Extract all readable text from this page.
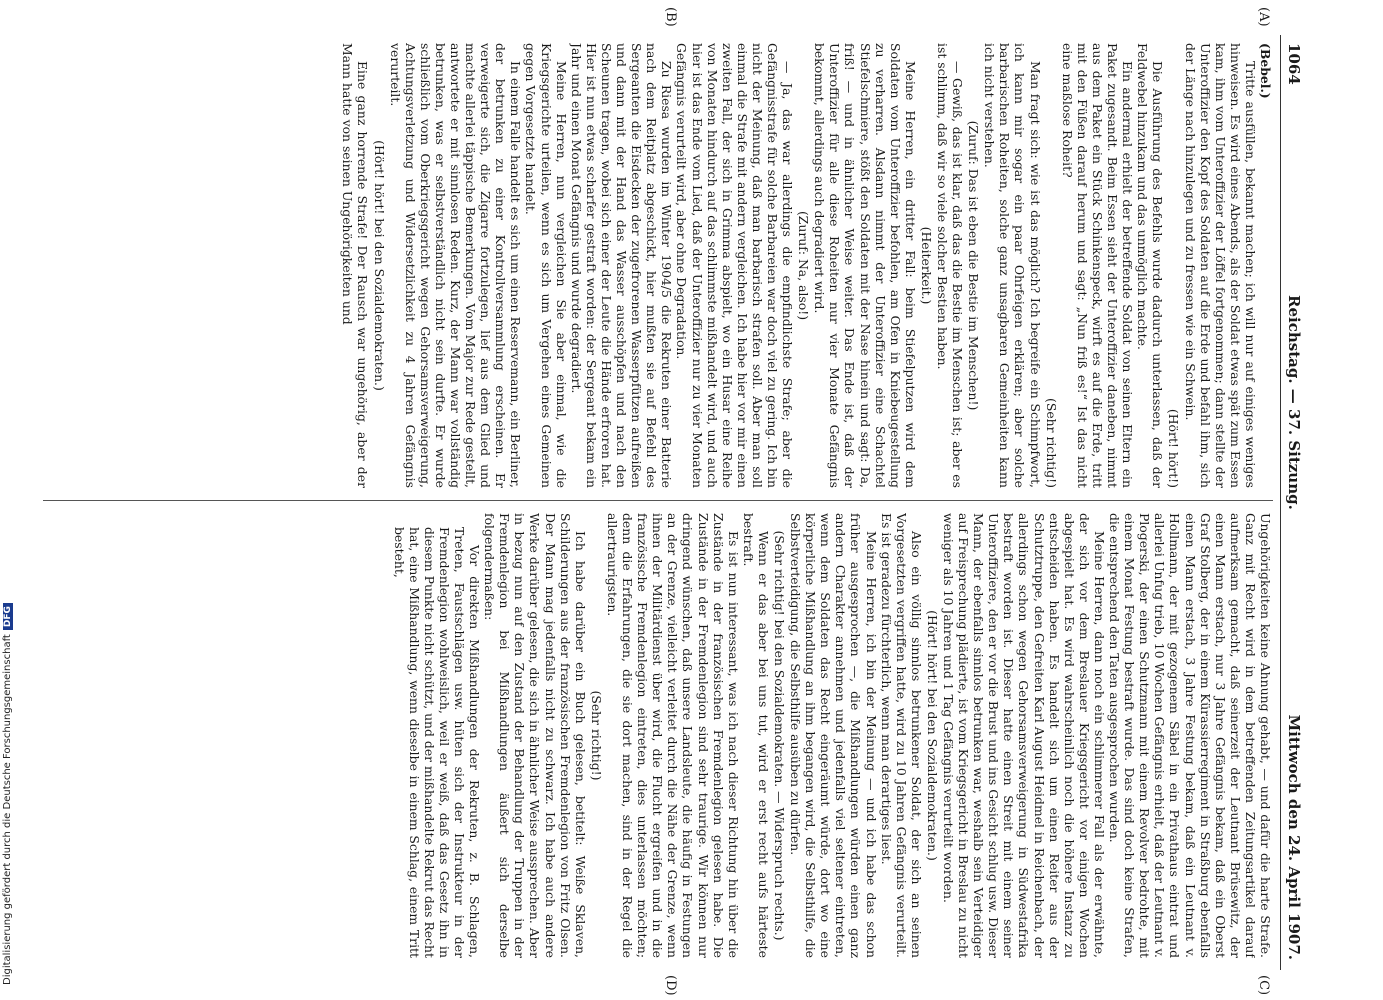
1064
Reichstag. — 37. Sitzung.
Mittwoch den 24. April 1907.
(A)
(B)
(C)
(D)

(Bebel.)

Tritte ausfüllen, bekannt machen; ich will nur auf einiges weniges hinweisen. Es wird eines Abends, als der Soldat etwas spät zum Essen kam, ihm vom Unteroffizier der Löffel fortgenommen; dann stellte der Unteroffizier den Kopf des Soldaten auf die Erde und befahl ihm, sich der Länge nach hinzulegen und zu fressen wie ein Schwein.

(Hört! hört!)

Die Ausführung des Befehls wurde dadurch unterlassen, daß der Feldwebel hinzukam und das unmöglich machte.

Ein andermal erhielt der betreffende Soldat von seinen Eltern ein Paket zugesandt. Beim Essen sieht der Unteroffizier daneben, nimmt aus dem Paket ein Stück Schinkenspeck, wirft es auf die Erde, tritt mit den Füßen darauf herum und sagt: „Nun friß es!“ Ist das nicht eine maßlose Roheit?

(Sehr richtig!)

Man fragt sich: wie ist das möglich? Ich begreife ein Schimpfwort, ich kann mir sogar ein paar Ohrfeigen erklären; aber solche barbarischen Roheiten, solche ganz unsagbaren Gemeinheiten kann ich nicht verstehen.

(Zuruf: Das ist eben die Bestie im Menschen!)

— Gewiß, das ist klar, daß das die Bestie im Menschen ist; aber es ist schlimm, daß wir so viele solcher Bestien haben.

(Heiterkeit.)

Meine Herren, ein dritter Fall: beim Stiefelputzen wird dem Soldaten vom Unteroffizier befohlen, am Ofen in Kniebeugestellung zu verharren. Alsdann nimmt der Unteroffizier eine Schachtel Stiefelschmiere, stößt den Soldaten mit der Nase hinein und sagt: Da, friß! — und in ähnlicher Weise weiter. Das Ende ist, daß der Unteroffizier für alle diese Roheiten nur vier Monate Gefängnis bekommt, allerdings auch degradiert wird.

(Zuruf: Na, also!)

— Ja, das war allerdings die empfindlichste Strafe; aber die Gefängnisstrafe für solche Barbareien war doch viel zu gering. Ich bin nicht der Meinung, daß man barbarisch strafen soll. Aber man soll einmal die Strafe mit andern vergleichen. Ich habe hier vor mir einen zweiten Fall, der sich in Grimma abspielt, wo ein Husar eine Reihe von Monaten hindurch auf das schlimmste mißhandelt wird, und auch hier ist das Ende vom Lied, daß der Unteroffizier nur zu vier Monaten Gefängnis verurteilt wird, aber ohne Degradation.

Zu Riesa wurden im Winter 1904/5 die Rekruten einer Batterie nach dem Reitplatz abgeschickt, hier mußten sie auf Befehl des Sergeanten die Eisdecken der zugefrorenen Wasserpfützen aufreißen und dann mit der Hand das Wasser ausschöpfen und nach den Scheunen tragen, wobei sich einer der Leute die Hände erfroren hat. Hier ist nun etwas scharfer gestraft worden: der Sergeant bekam ein Jahr und einen Monat Gefängnis und wurde degradiert.

Meine Herren, nun vergleichen Sie aber einmal, wie die Kriegsgerichte urteilen, wenn es sich um Vergehen eines Gemeinen gegen Vorgesetzte handelt.

In einem Falle handelt es sich um einen Reservemann, ein Berliner, der betrunken zu einer Kontrollversammlung erscheinen. Er verweigerte sich, die Zigarre fortzulegen, lief aus dem Glied und machte allerlei täppische Bemerkungen. Vom Major zur Rede gestellt, antwortete er mit sinnlosen Reden. Kurz, der Mann war vollständig betrunken, was er selbstverständlich nicht sein durfte. Er wurde schließlich vom Oberkriegsgericht wegen Gehorsamsverweigerung, Achtungsverletzung und Widersetzlichkeit zu 4 Jahren Gefängnis verurteilt.

(Hört! hört! bei den Sozialdemokraten.)

Eine ganz horrende Strafe! Der Rausch war ungehörig, aber der Mann hatte von seinen Ungehörigkeiten und

Ungehörigkeiten keine Ahnung gehabt, — und dafür die harte Strafe. Ganz mit Recht wird in dem betreffenden Zeitungsartikel darauf aufmerksam gemacht, daß seinerzeit der Leutnant Brüsewitz, der einen Mann erstach, nur 3 Jahre Gefängnis bekam, daß ein Oberst Graf Stolberg, der in einem Kürassierregiment in Straßburg ebenfalls einen Mann erstach, 3 Jahre Festung bekam, daß ein Leutnant v. Hollmann, der mit gezogenem Säbel in ein Privathaus eintrat und allerlei Unfug trieb, 10 Wochen Gefängnis erhielt, daß der Leutnant v. Plogerski, der einen Schutzmann mit einem Revolver bedrohte, mit einem Monat Festung bestraft wurde. Das sind doch keine Strafen, die entsprechend den Taten ausgesprochen wurden.

Meine Herren, dann noch ein schlimmerer Fall als der erwähnte, der sich vor dem Breslauer Kriegsgericht vor einigen Wochen abgespielt hat. Es wird wahrscheinlich noch die höhere Instanz zu entscheiden haben. Es handelt sich um einen Reiter aus der Schutztruppe, den Gefreiten Karl August Heidmel in Reichenbach, der allerdings schon wegen Gehorsamsverweigerung in Südwestafrika bestraft worden ist. Dieser hatte einen Streit mit einem seiner Unteroffiziere, den er vor die Brust und ins Gesicht schlug usw. Dieser Mann, der ebenfalls sinnlos betrunken war, weshalb sein Verteidiger auf Freisprechung plädierte, ist vom Kriegsgericht in Breslau zu nicht weniger als 10 Jahren und 1 Tag Gefängnis verurteilt worden.

(Hört! hört! bei den Sozialdemokraten.)

Also ein völlig sinnlos betrunkener Soldat, der sich an seinen Vorgesetzten vergriffen hatte, wird zu 10 Jahren Gefängnis verurteilt. Es ist geradezu fürchterlich, wenn man derartiges liest.

Meine Herren, ich bin der Meinung — und ich habe das schon früher ausgesprochen —, die Mißhandlungen würden einen ganz andern Charakter annehmen und jedenfalls viel seltener eintreten, wenn dem Soldaten das Recht eingeräumt würde, dort wo eine körperliche Mißhandlung an ihm begangen wird, die Selbsthilfe, die Selbstverteidigung, die Selbsthilfe ausüben zu dürfen.

(Sehr richtig! bei den Sozialdemokraten. — Widerspruch rechts.)

Wenn er das aber bei uns tut, wird er erst recht aufs härteste bestraft.

Es ist nun interessant, was ich nach dieser Richtung hin über die Zustände in der französischen Fremdenlegion gelesen habe. Die Zustände in der Fremdenlegion sind sehr traurige. Wir können nur dringend wünschen, daß unsere Landsleute, die häufig in Festungen an der Grenze, vielleicht verleitet durch die Nähe der Grenze, wenn ihnen der Militärdienst über wird, die Flucht ergreifen und in die französische Fremdenlegion eintreten, dies unterlassen möchten; denn die Erfahrungen, die sie dort machen, sind in der Regel die allertraurigsten.

(Sehr richtig!)

Ich habe darüber ein Buch gelesen, betitelt: Weiße Sklaven, Schilderungen aus der französischen Fremdenlegion von Fritz Olsen. Der Mann mag jedenfalls nicht zu schwarz. Ich habe auch andere Werke darüber gelesen, die sich in ähnlicher Weise aussprechen. Aber in bezug nun auf den Zustand der Behandlung der Truppen in der Fremdenlegion bei Mißhandlungen äußert sich derselbe folgendermaßen:

Vor direkten Mißhandlungen der Rekruten, z. B. Schlagen, Treten, Faustschlägen usw. hüten sich der Instrukteur in der Fremdenlegion wohlweislich, weil er weiß, daß das Gesetz ihn in diesem Punkte nicht schützt, und der mißhandelte Rekrut das Recht hat, eine Mißhandlung, wenn dieselbe in einem Schlag, einem Tritt besteht,

Digitalisierung gefördert durch die Deutsche ForschungsgemeinschaftDFG
